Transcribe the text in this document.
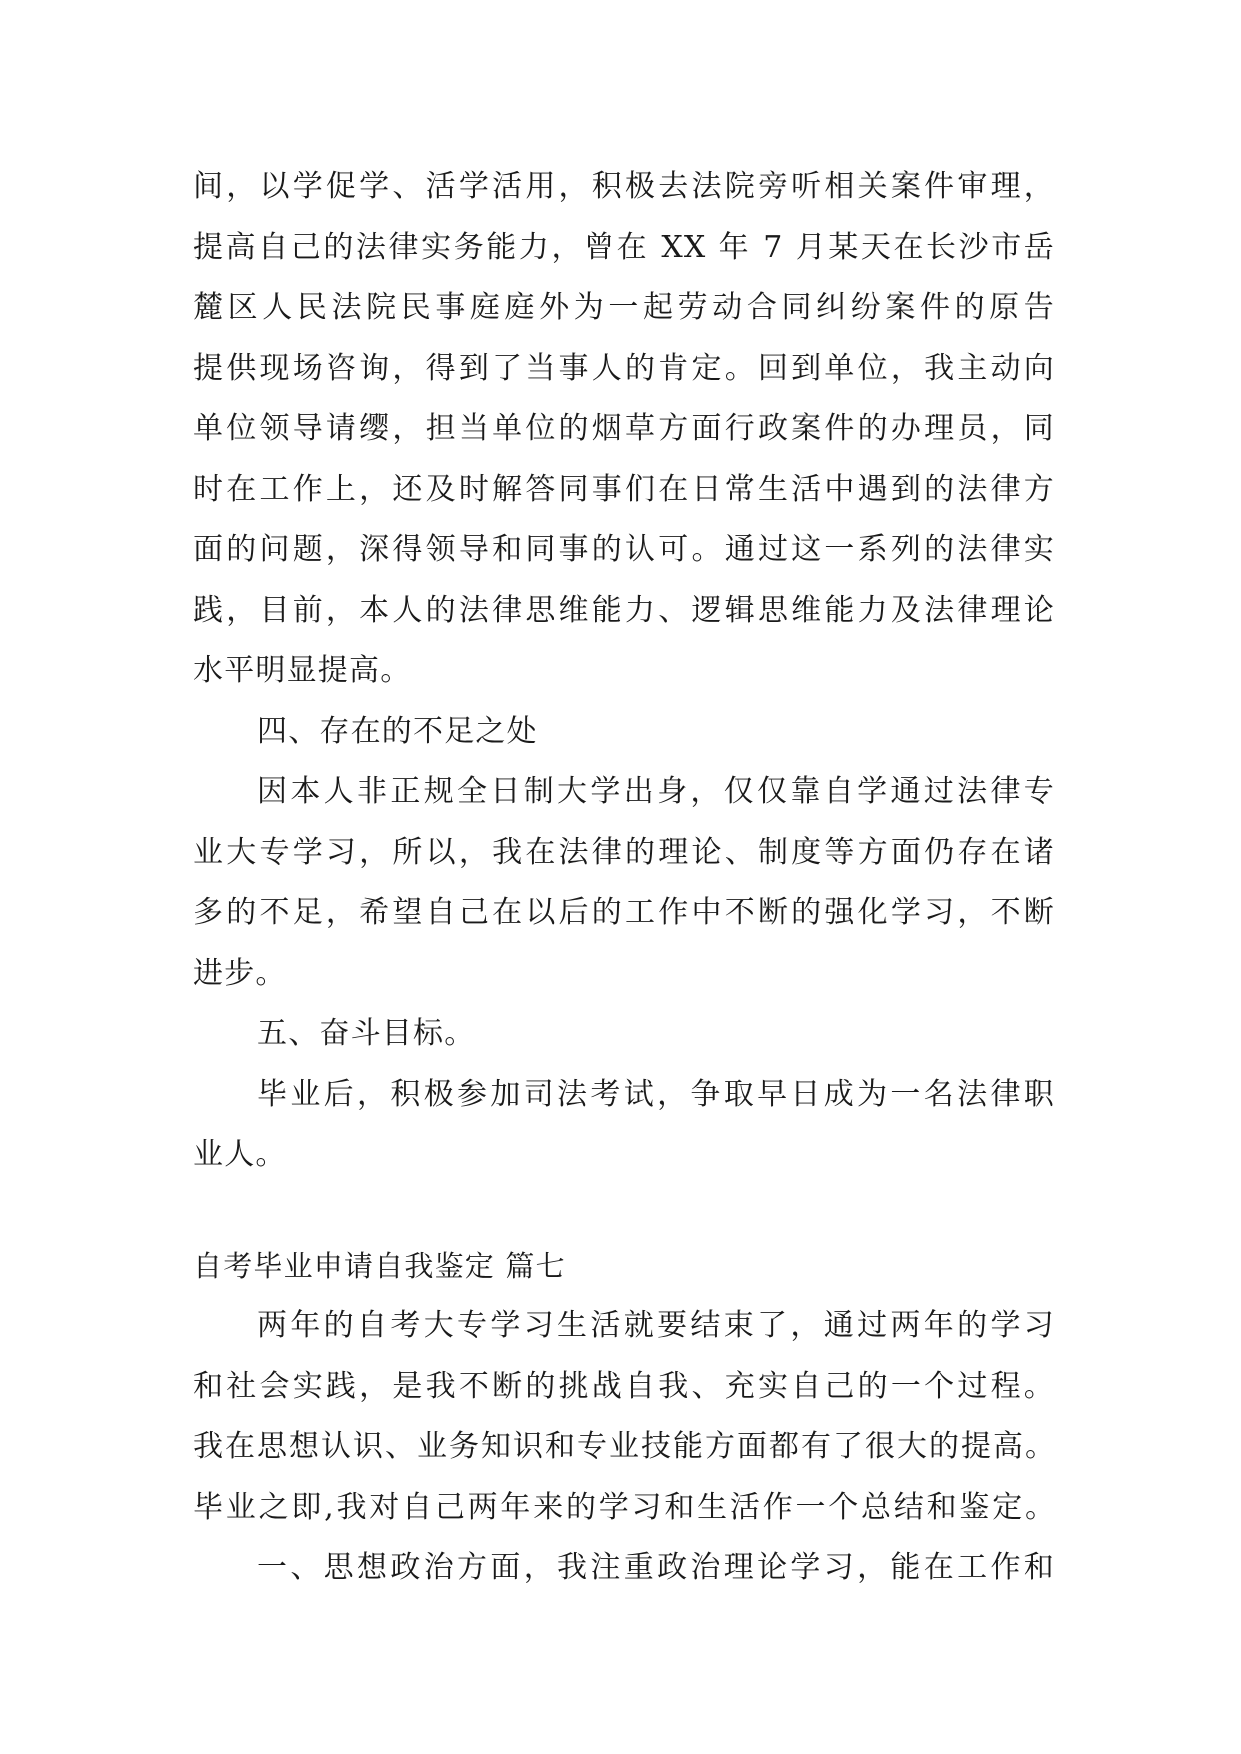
间，以学促学、活学活用，积极去法院旁听相关案件审理，
提高自己的法律实务能力，曾在 XX 年 7 月某天在长沙市岳
麓区人民法院民事庭庭外为一起劳动合同纠纷案件的原告
提供现场咨询，得到了当事人的肯定。回到单位，我主动向
单位领导请缨，担当单位的烟草方面行政案件的办理员，同
时在工作上，还及时解答同事们在日常生活中遇到的法律方
面的问题，深得领导和同事的认可。通过这一系列的法律实
践，目前，本人的法律思维能力、逻辑思维能力及法律理论
水平明显提高。
四、存在的不足之处
因本人非正规全日制大学出身，仅仅靠自学通过法律专
业大专学习，所以，我在法律的理论、制度等方面仍存在诸
多的不足，希望自己在以后的工作中不断的强化学习，不断
进步。
五、奋斗目标。
毕业后，积极参加司法考试，争取早日成为一名法律职
业人。
自考毕业申请自我鉴定 篇七
两年的自考大专学习生活就要结束了，通过两年的学习
和社会实践，是我不断的挑战自我、充实自己的一个过程。
我在思想认识、业务知识和专业技能方面都有了很大的提高。
毕业之即,我对自己两年来的学习和生活作一个总结和鉴定。
一、思想政治方面，我注重政治理论学习，能在工作和
